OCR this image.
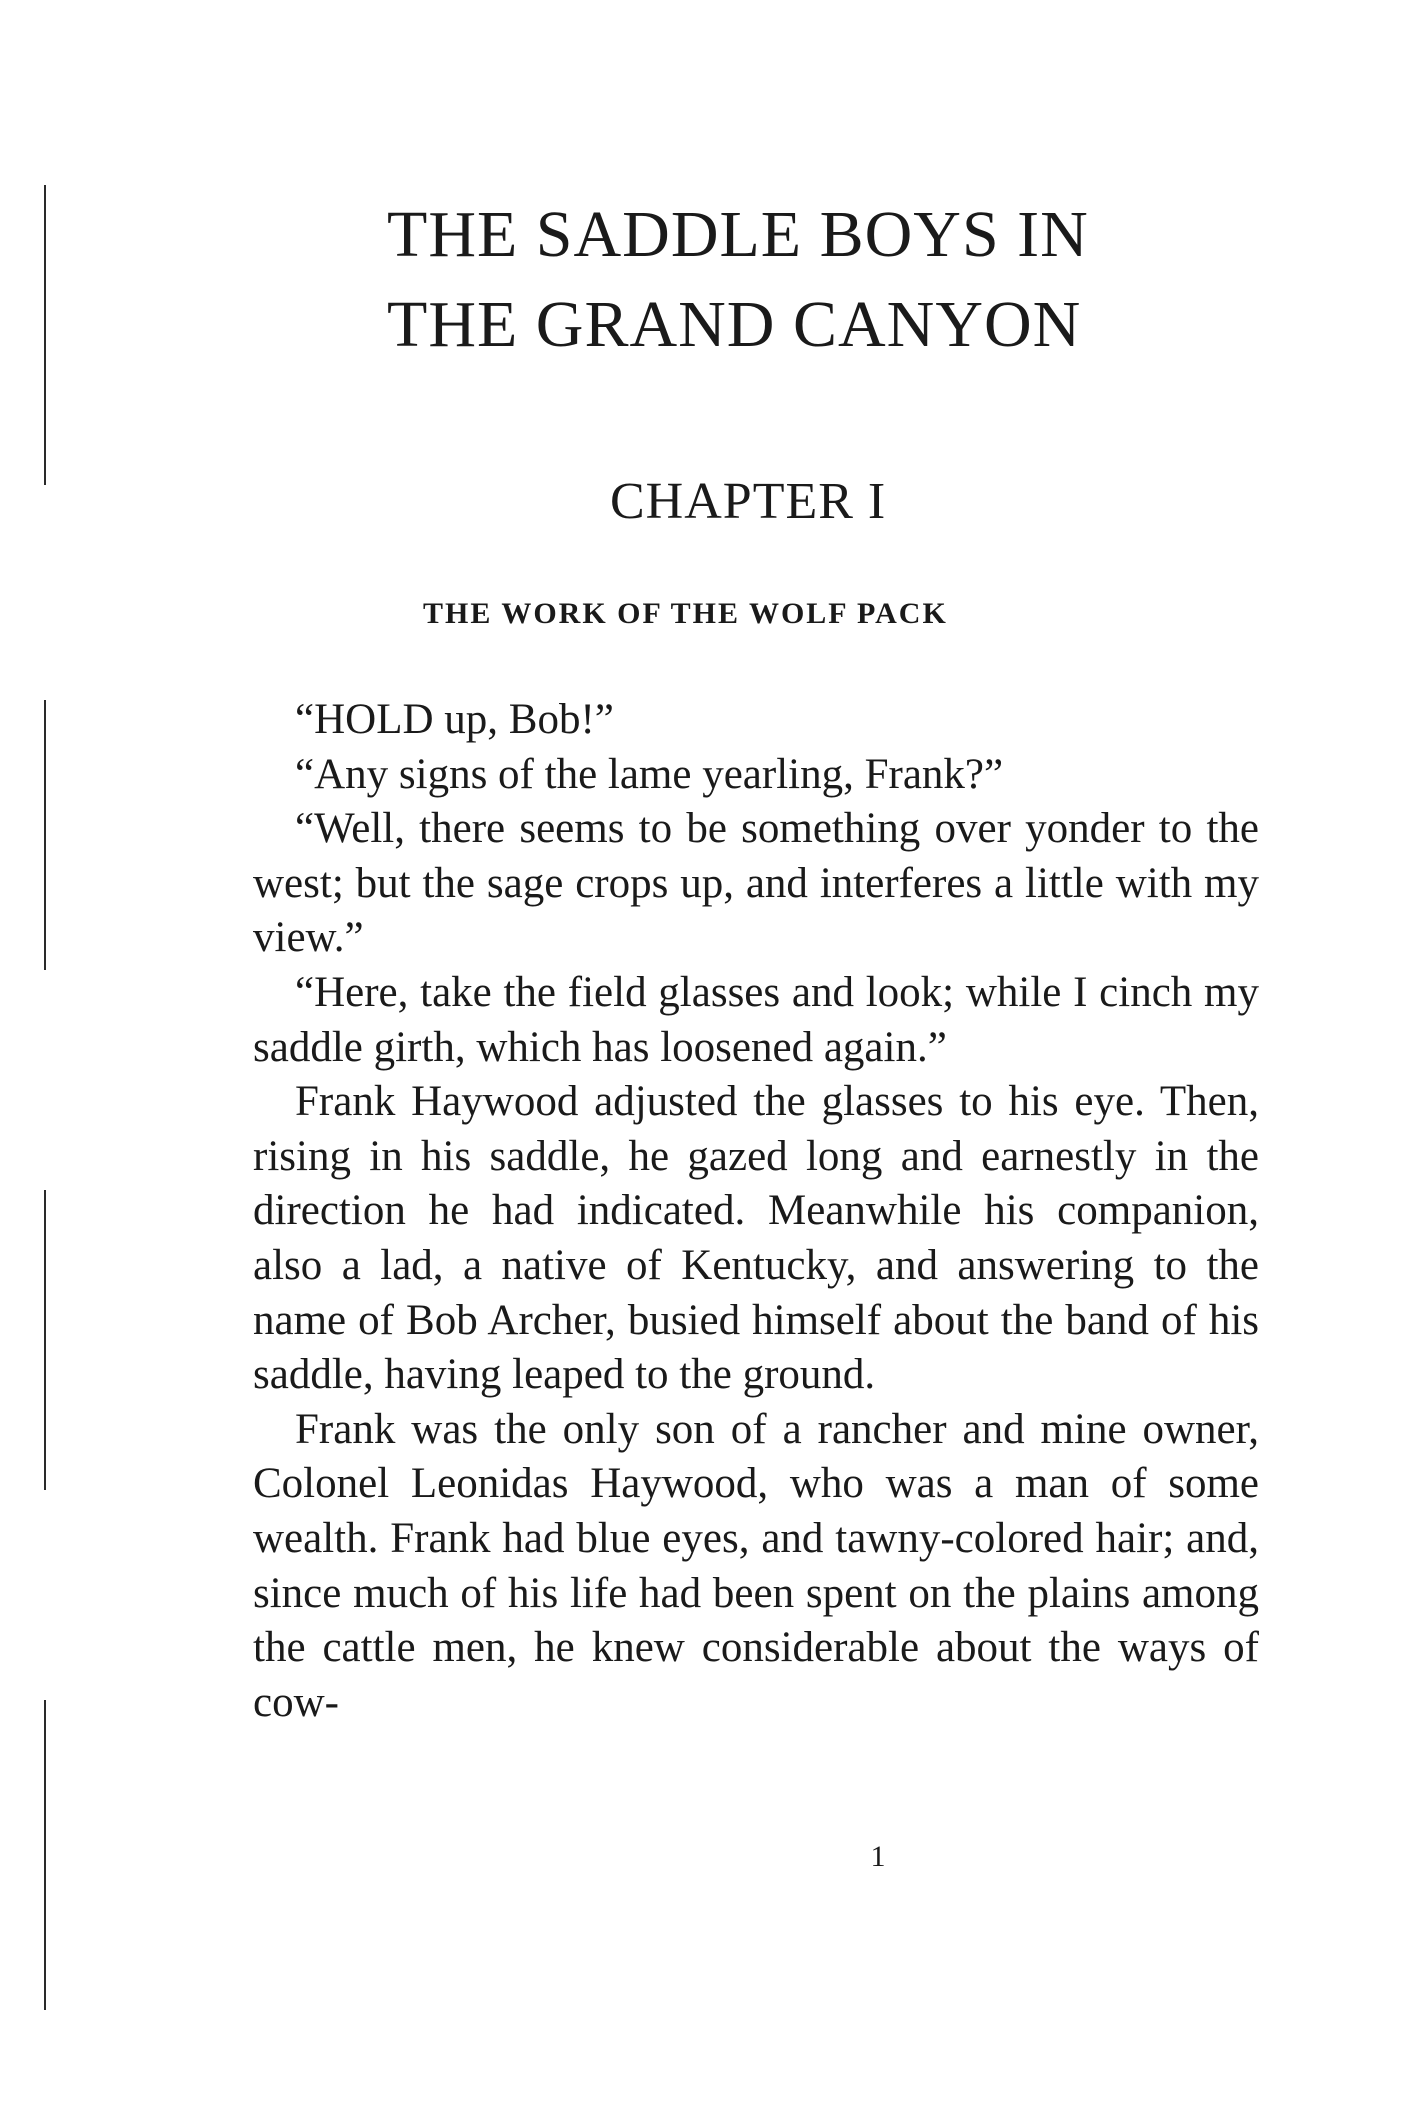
THE SADDLE BOYS IN
THE GRAND CANYON
CHAPTER I
THE WORK OF THE WOLF PACK

“HOLD up, Bob!”

“Any signs of the lame yearling, Frank?”

“Well, there seems to be something over yonder to the west; but the sage crops up, and interferes a little with my view.”

“Here, take the field glasses and look; while I cinch my saddle girth, which has loosened again.”

Frank Haywood adjusted the glasses to his eye. Then, rising in his saddle, he gazed long and earnestly in the direction he had indicated. Meanwhile his companion, also a lad, a native of Kentucky, and answering to the name of Bob Archer, busied himself about the band of his saddle, having leaped to the ground.

Frank was the only son of a rancher and mine owner, Colonel Leonidas Haywood, who was a man of some wealth. Frank had blue eyes, and tawny-colored hair; and, since much of his life had been spent on the plains among the cattle men, he knew considerable about the ways of cow-

1
